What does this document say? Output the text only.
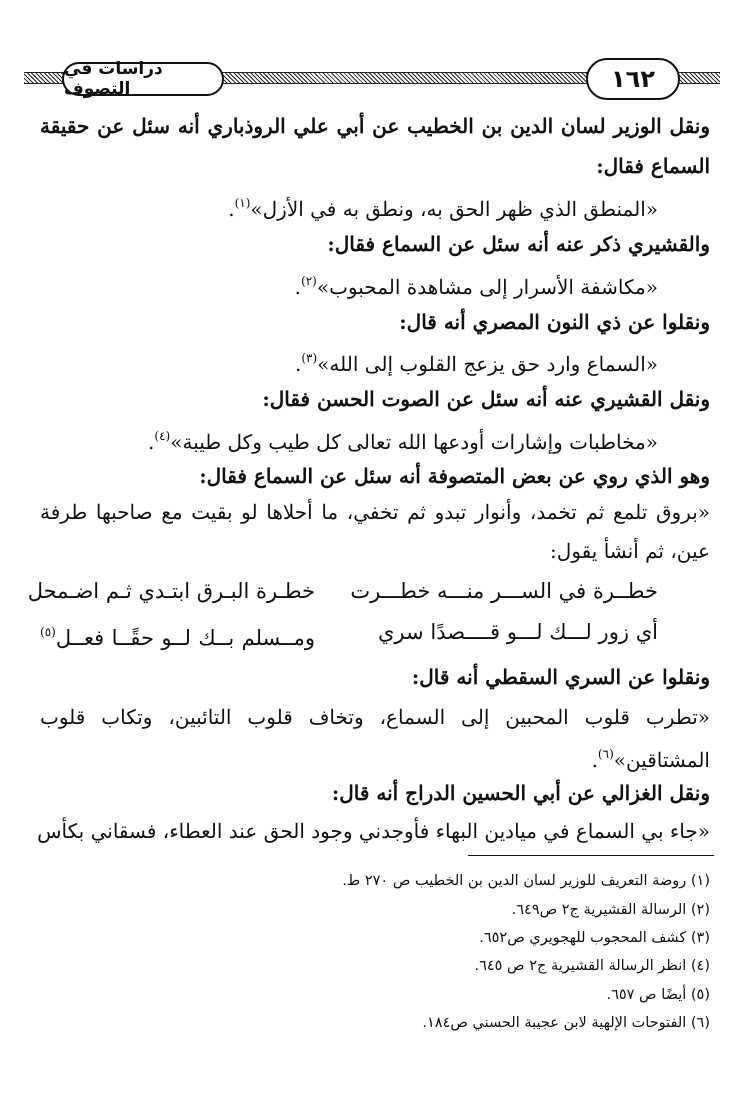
دراسات في التصوف	١٦٢
ونقل الوزير لسان الدين بن الخطيب عن أبي علي الروذباري أنه سئل عن حقيقة
السماع فقال:
«المنطق الذي ظهر الحق به، ونطق به في الأزل»$^{(١)}$.
والقشيري ذكر عنه أنه سئل عن السماع فقال:
«مكاشفة الأسرار إلى مشاهدة المحبوب»$^{(٢)}$.
ونقلوا عن ذي النون المصري أنه قال:
«السماع وارد حق يزعج القلوب إلى الله»$^{(٣)}$.
ونقل القشيري عنه أنه سئل عن الصوت الحسن فقال:
«مخاطبات وإشارات أودعها الله تعالى كل طيب وكل طيبة»$^{(٤)}$.
وهو الذي روي عن بعض المتصوفة أنه سئل عن السماع فقال:
«بروق تلمع ثم تخمد، وأنوار تبدو ثم تخفي، ما أحلاها لو بقيت مع صاحبها طرفة
عين، ثم أنشأ يقول:
خطــرة في الســـر منـــه خطـــرت
خطـرة البـرق ابتـدي ثـم اضـمحل
أي زور لـــك لـــو قــــصدًا سري
ومــسلم بــك لــو حقًــا فعــل$^{(٥)}$
ونقلوا عن السري السقطي أنه قال:
«تطرب قلوب المحبين إلى السماع، وتخاف قلوب التائبين، وتكاب قلوب
المشتاقين»$^{(٦)}$.
ونقل الغزالي عن أبي الحسين الدراج أنه قال:
«جاء بي السماع في ميادين البهاء فأوجدني وجود الحق عند العطاء، فسقاني بكأس
(١) روضة التعريف للوزير لسان الدين بن الخطيب ص ٢٧٠ ط.
(٢) الرسالة القشيرية ج٢ ص٦٤٩.
(٣) كشف المحجوب للهجويري ص٦٥٢.
(٤) انظر الرسالة القشيرية ج٢ ص ٦٤٥.
(٥) أيضًا ص ٦٥٧.
(٦) الفتوحات الإلهية لابن عجيبة الحسني ص١٨٤.
